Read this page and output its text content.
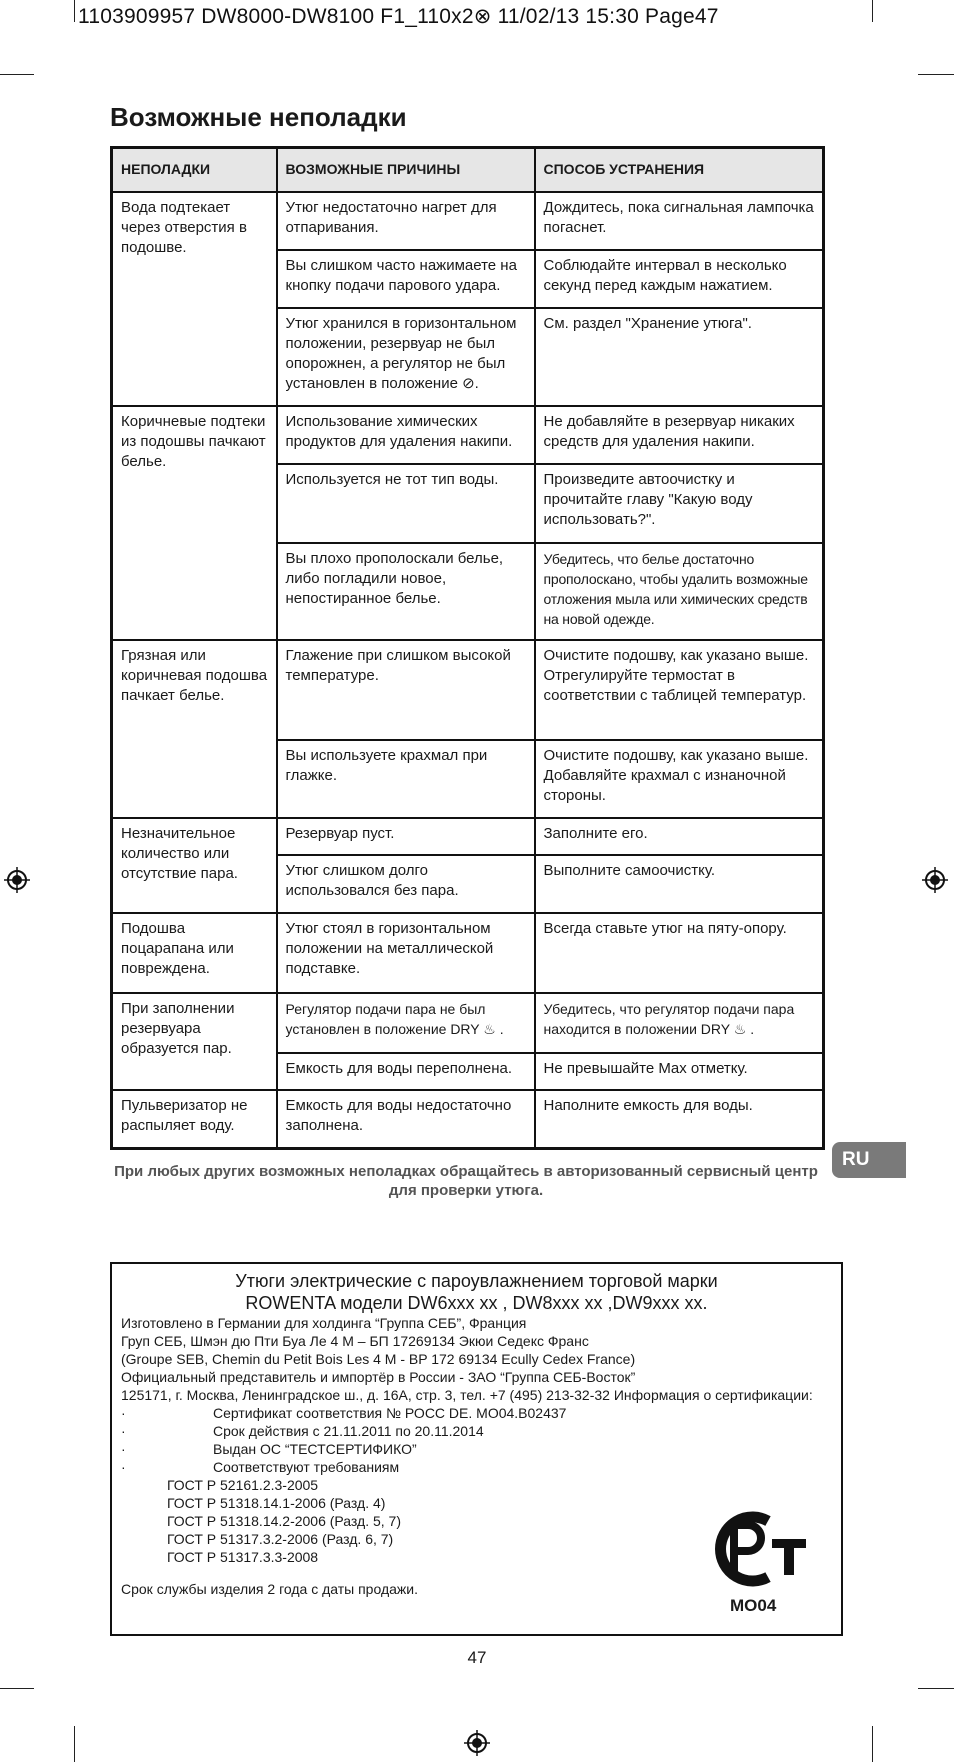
1103909957 DW8000-DW8100 F1_110x2⊗ 11/02/13 15:30 Page47
Возможные неполадки
НЕПОЛАДКИ	ВОЗМОЖНЫЕ ПРИЧИНЫ	СПОСОБ УСТРАНЕНИЯ
Вода подтекает через отверстия в подошве.	Утюг недостаточно нагрет для отпаривания.	Дождитесь, пока сигнальная лампочка погаснет.
	Вы слишком часто нажимаете на кнопку подачи парового удара.	Соблюдайте интервал в несколько секунд перед каждым нажатием.
	Утюг хранился в горизонтальном положении, резервуар не был опорожнен, а регулятор не был установлен в положение ⊘.	См. раздел "Хранение утюга".
Коричневые подтеки из подошвы пачкают белье.	Использование химических продуктов для удаления накипи.	Не добавляйте в резервуар никаких средств для удаления накипи.
	Используется не тот тип воды.	Произведите автоочистку и прочитайте главу "Какую воду использовать?".
	Вы плохо прополоскали белье, либо погладили новое, непостиранное белье.	Убедитесь, что белье достаточно прополоскано, чтобы удалить возможные отложения мыла или химических средств на новой одежде.
Грязная или коричневая подошва пачкает белье.	Глажение при слишком высокой температуре.	Очистите подошву, как указано выше. Отрегулируйте термостат в соответствии с таблицей температур.
	Вы используете крахмал при глажке.	Очистите подошву, как указано выше. Добавляйте крахмал с изнаночной стороны.
Незначительное количество или отсутствие пара.	Резервуар пуст.	Заполните его.
	Утюг слишком долго использовался без пара.	Выполните самоочистку.
Подошва поцарапана или повреждена.	Утюг стоял в горизонтальном положении на металлической подставке.	Всегда ставьте утюг на пяту-опору.
При заполнении резервуара образуется пар.	Регулятор подачи пара не был установлен в положение DRY ♨ .	Убедитесь, что регулятор подачи пара находится в положении DRY ♨ .
	Емкость для воды переполнена.	Не превышайте Max отметку.
Пульверизатор не распыляет воду.	Емкость для воды недостаточно заполнена.	Наполните емкость для воды.
При любых других возможных неполадках обращайтесь в авторизованный сервисный центр для проверки утюга.
RU
Утюги электрические с пароувлажнением торговой марки
ROWENTA модели DW6xxx xx , DW8xxx xx ,DW9xxx xx.
Изготовлено в Германии для холдинга “Группа СЕБ”, Франция
Груп СЕБ, Шмэн дю Пти Буа Ле 4 М – БП 17269134 Экюи Седекс Франс
(Groupe SEB, Chemin du Petit Bois Les 4 M - BP 172 69134 Ecully Cedex France)
Официальный представитель и импортёр в России - ЗАО “Группа СЕБ-Восток”
125171, г. Москва, Ленинградское ш., д. 16А, стр. 3, тел. +7 (495) 213-32-32 Информация о сертификации:
·	Сертификат соответствия № РОСС DE. МО04.В02437
·	Срок действия с 21.11.2011 по 20.11.2014
·	Выдан ОС “ТЕСТСЕРТИФИКО”
·	Соответствуют требованиям
ГОСТ Р 52161.2.3-2005
ГОСТ Р 51318.14.1-2006 (Разд. 4)
ГОСТ Р 51318.14.2-2006 (Разд. 5, 7)
ГОСТ Р 51317.3.2-2006 (Разд. 6, 7)
ГОСТ Р 51317.3.3-2008
Срок службы изделия 2 года с даты продажи.
МО04
47
